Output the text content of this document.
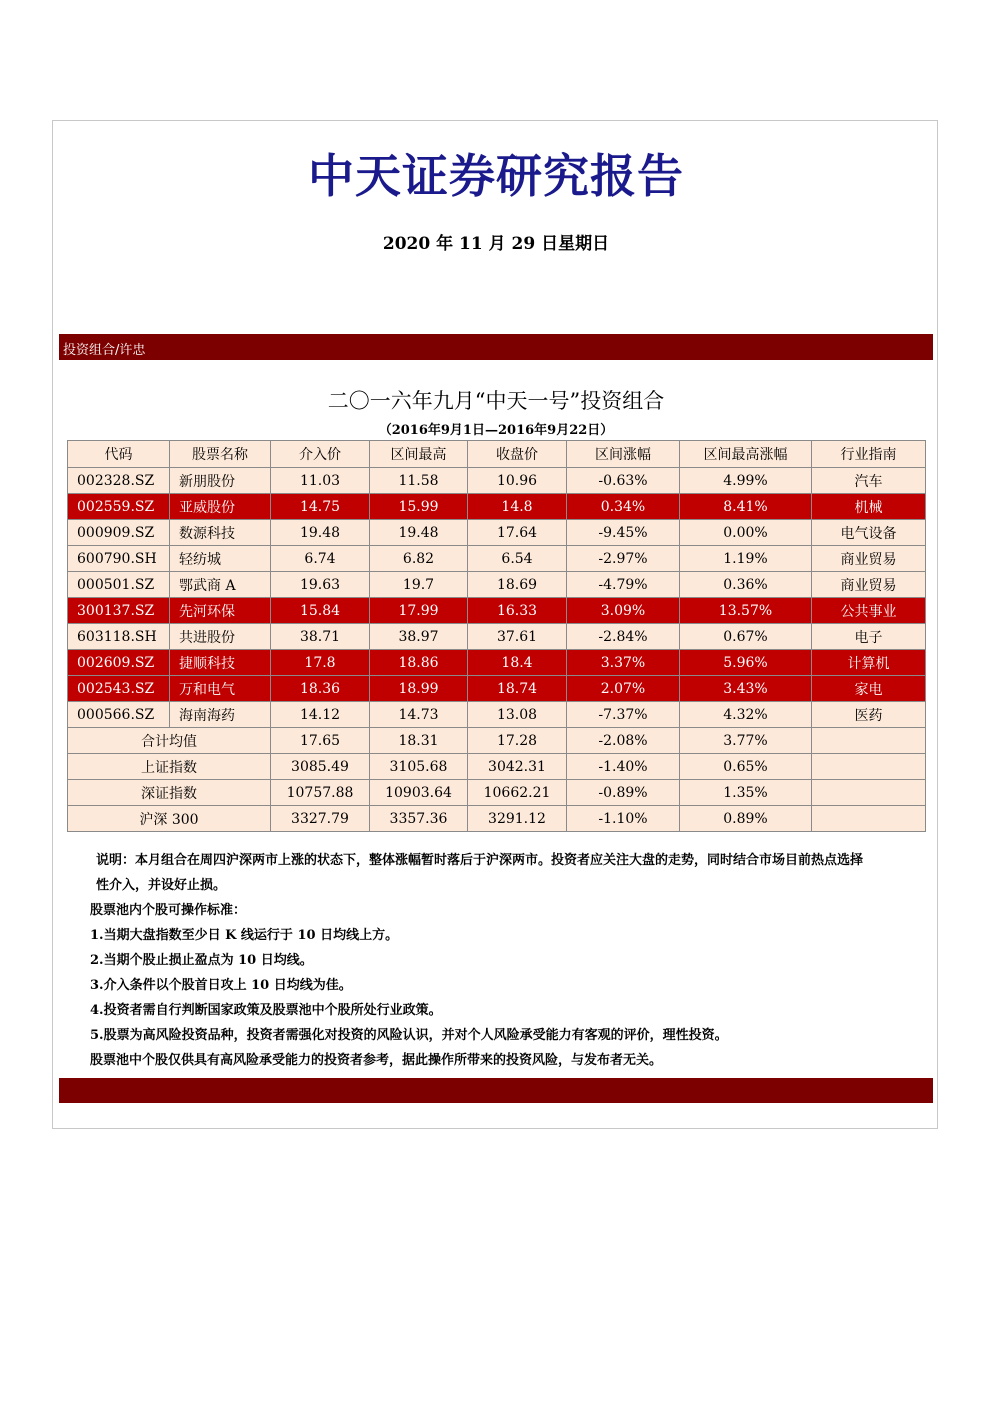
中天证券研究报告
2020 年 11 月 29 日星期日
投资组合/许忠
二〇一六年九月“中天一号”投资组合
（2016年9月1日—2016年9月22日）
代码	股票名称	介入价	区间最高	收盘价	区间涨幅	区间最高涨幅	行业指南
002328.SZ	新朋股份	11.03	11.58	10.96	-0.63%	4.99%	汽车
002559.SZ	亚威股份	14.75	15.99	14.8	0.34%	8.41%	机械
000909.SZ	数源科技	19.48	19.48	17.64	-9.45%	0.00%	电气设备
600790.SH	轻纺城	6.74	6.82	6.54	-2.97%	1.19%	商业贸易
000501.SZ	鄂武商 A	19.63	19.7	18.69	-4.79%	0.36%	商业贸易
300137.SZ	先河环保	15.84	17.99	16.33	3.09%	13.57%	公共事业
603118.SH	共进股份	38.71	38.97	37.61	-2.84%	0.67%	电子
002609.SZ	捷顺科技	17.8	18.86	18.4	3.37%	5.96%	计算机
002543.SZ	万和电气	18.36	18.99	18.74	2.07%	3.43%	家电
000566.SZ	海南海药	14.12	14.73	13.08	-7.37%	4.32%	医药
合计均值		17.65	18.31	17.28	-2.08%	3.77%	
上证指数		3085.49	3105.68	3042.31	-1.40%	0.65%	
深证指数		10757.88	10903.64	10662.21	-0.89%	1.35%	
沪深 300		3327.79	3357.36	3291.12	-1.10%	0.89%	

说明：本月组合在周四沪深两市上涨的状态下，整体涨幅暂时落后于沪深两市。投资者应关注大盘的走势，同时结合市场目前热点选择

性介入，并设好止损。

股票池内个股可操作标准：

1.当期大盘指数至少日 K 线运行于 10 日均线上方。

2.当期个股止损止盈点为 10 日均线。

3.介入条件以个股首日攻上 10 日均线为佳。

4.投资者需自行判断国家政策及股票池中个股所处行业政策。

5.股票为高风险投资品种，投资者需强化对投资的风险认识，并对个人风险承受能力有客观的评价，理性投资。

股票池中个股仅供具有高风险承受能力的投资者参考，据此操作所带来的投资风险，与发布者无关。
